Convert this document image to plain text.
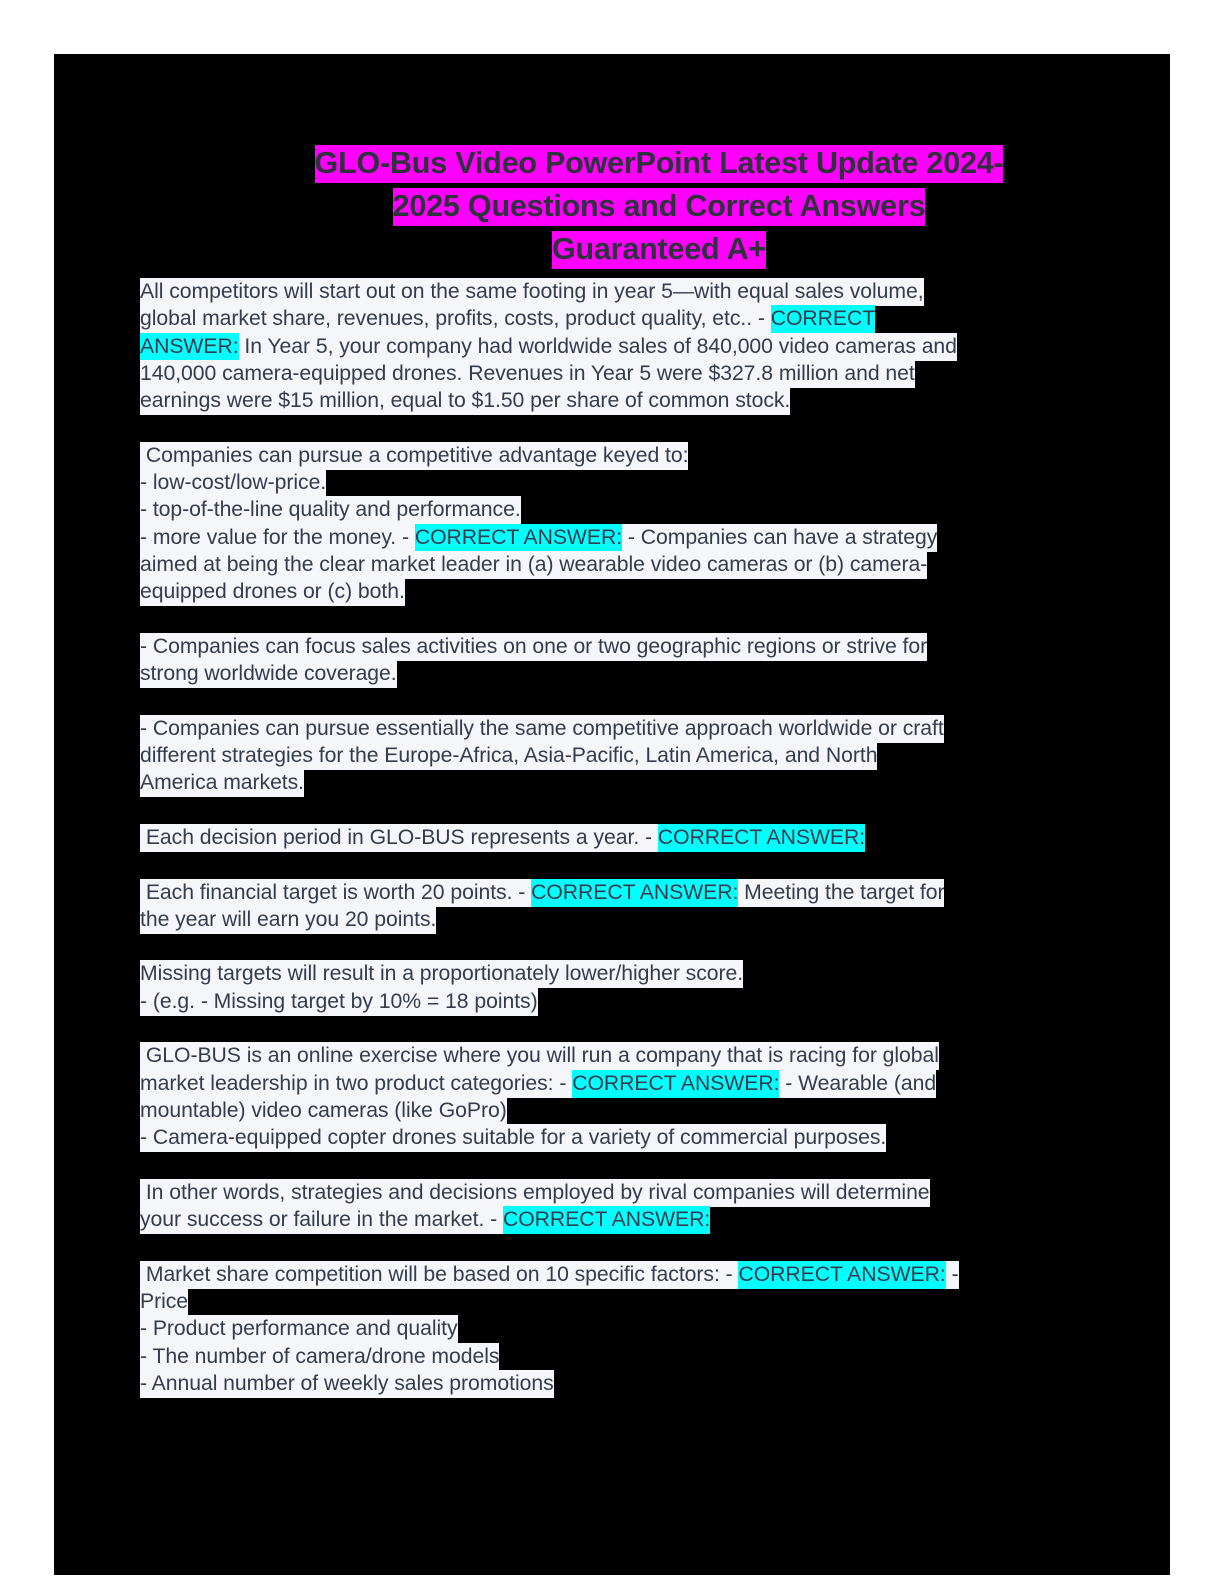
GLO-Bus Video PowerPoint Latest Update 2024-
2025 Questions and Correct Answers
Guaranteed A+
All competitors will start out on the same footing in year 5—with equal sales volume,
global market share, revenues, profits, costs, product quality, etc.. - CORRECT
ANSWER: In Year 5, your company had worldwide sales of 840,000 video cameras and
140,000 camera-equipped drones. Revenues in Year 5 were $327.8 million and net
earnings were $15 million, equal to $1.50 per share of common stock.
Companies can pursue a competitive advantage keyed to:
- low-cost/low-price.
- top-of-the-line quality and performance.
- more value for the money. - CORRECT ANSWER: - Companies can have a strategy
aimed at being the clear market leader in (a) wearable video cameras or (b) camera-
equipped drones or (c) both.
- Companies can focus sales activities on one or two geographic regions or strive for
strong worldwide coverage.
- Companies can pursue essentially the same competitive approach worldwide or craft
different strategies for the Europe-Africa, Asia-Pacific, Latin America, and North
America markets.
Each decision period in GLO-BUS represents a year. - CORRECT ANSWER:
Each financial target is worth 20 points. - CORRECT ANSWER: Meeting the target for
the year will earn you 20 points.
Missing targets will result in a proportionately lower/higher score.
- (e.g. - Missing target by 10% = 18 points)
GLO-BUS is an online exercise where you will run a company that is racing for global
market leadership in two product categories: - CORRECT ANSWER: - Wearable (and
mountable) video cameras (like GoPro)
- Camera-equipped copter drones suitable for a variety of commercial purposes.
In other words, strategies and decisions employed by rival companies will determine
your success or failure in the market. - CORRECT ANSWER:
Market share competition will be based on 10 specific factors: - CORRECT ANSWER: -
Price
- Product performance and quality
- The number of camera/drone models
- Annual number of weekly sales promotions
